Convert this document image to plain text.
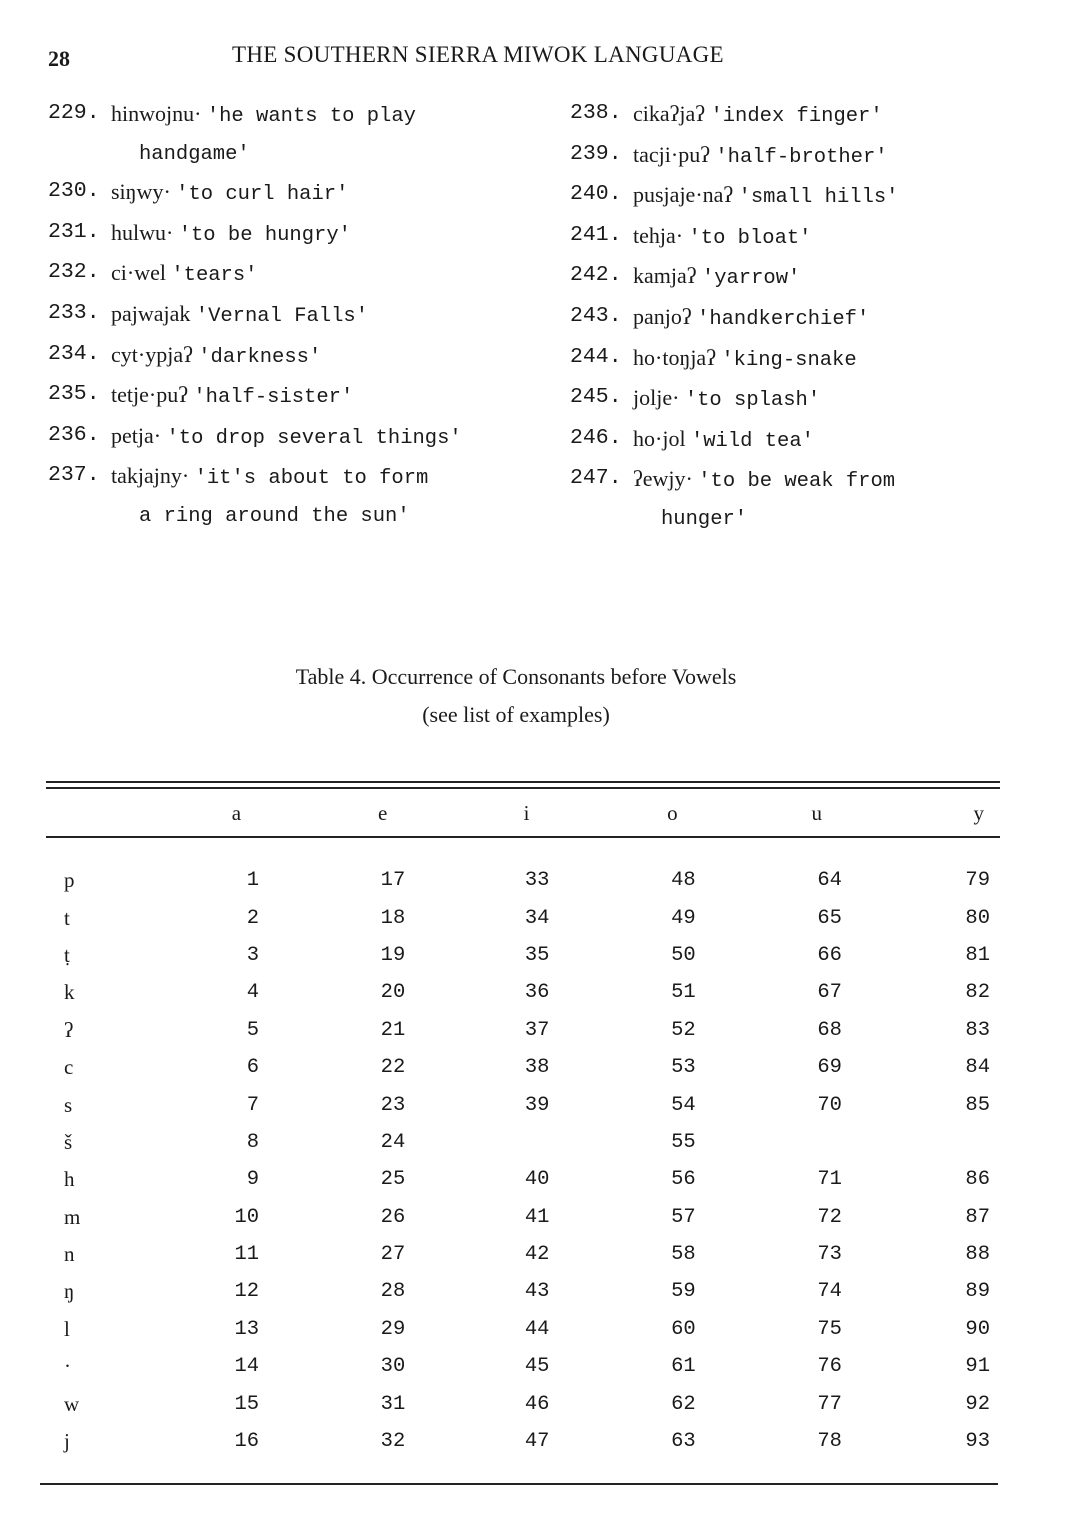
28	THE SOUTHERN SIERRA MIWOK LANGUAGE
229. hinwojnu· 'he wants to play
handgame'
230. siŋwy· 'to curl hair'
231. hulwu· 'to be hungry'
232. ci·wel 'tears'
233. pajwajak 'Vernal Falls'
234. cyt·ypjaʔ 'darkness'
235. tetje·puʔ 'half-sister'
236. petja· 'to drop several things'
237. takjajny· 'it's about to form
a ring around the sun'
238. cikaʔjaʔ 'index finger'
239. tacji·puʔ 'half-brother'
240. pusjaje·naʔ 'small hills'
241. tehja· 'to bloat'
242. kamjaʔ 'yarrow'
243. panjoʔ 'handkerchief'
244. ho·toŋjaʔ 'king-snake
245. jolje· 'to splash'
246. ho·jol 'wild tea'
247. ʔewjy· 'to be weak from
hunger'
Table 4. Occurrence of Consonants before Vowels
(see list of examples)
	a	e	i	o	u	y

p	1	17	33	48	64	79
t	2	18	34	49	65	80
ṭ	3	19	35	50	66	81
k	4	20	36	51	67	82
ʔ	5	21	37	52	68	83
c	6	22	38	53	69	84
s	7	23	39	54	70	85
š	8	24		55		
h	9	25	40	56	71	86
m	10	26	41	57	72	87
n	11	27	42	58	73	88
ŋ	12	28	43	59	74	89
l	13	29	44	60	75	90
·	14	30	45	61	76	91
w	15	31	46	62	77	92
j	16	32	47	63	78	93
